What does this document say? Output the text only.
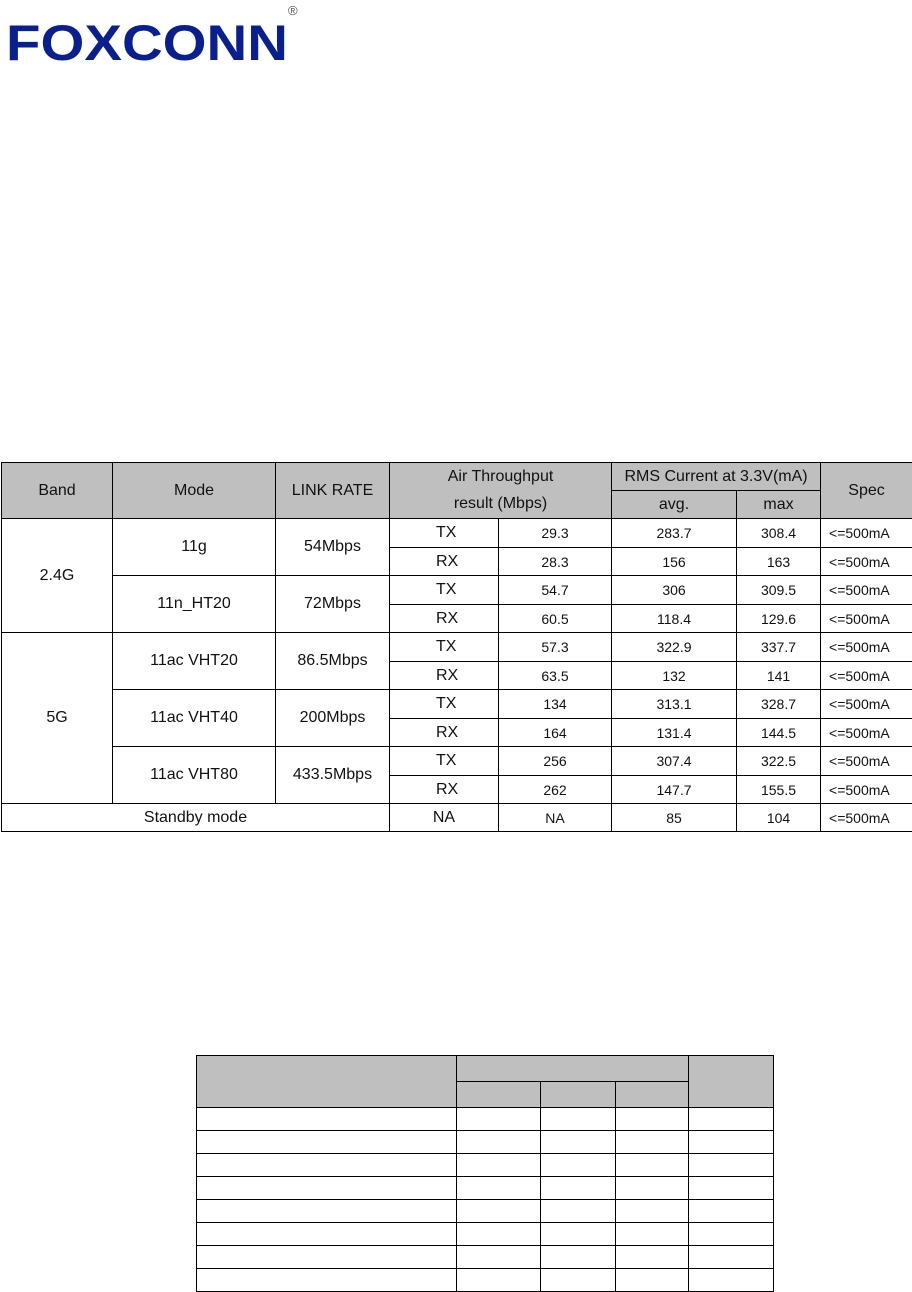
FOXCONN
®
Band	Mode	LINK RATE	Air Throughput		RMS Current at 3.3V(mA)		Spec
			result (Mbps)		avg.	max	
2.4G	11g	54Mbps	TX	29.3	283.7	308.4	<=500mA
			RX	28.3	156	163	<=500mA
	11n_HT20	72Mbps	TX	54.7	306	309.5	<=500mA
			RX	60.5	118.4	129.6	<=500mA
5G	11ac VHT20	86.5Mbps	TX	57.3	322.9	337.7	<=500mA
			RX	63.5	132	141	<=500mA
	11ac VHT40	200Mbps	TX	134	313.1	328.7	<=500mA
			RX	164	131.4	144.5	<=500mA
	11ac VHT80	433.5Mbps	TX	256	307.4	322.5	<=500mA
			RX	262	147.7	155.5	<=500mA
Standby mode			NA	NA	85	104	<=500mA
